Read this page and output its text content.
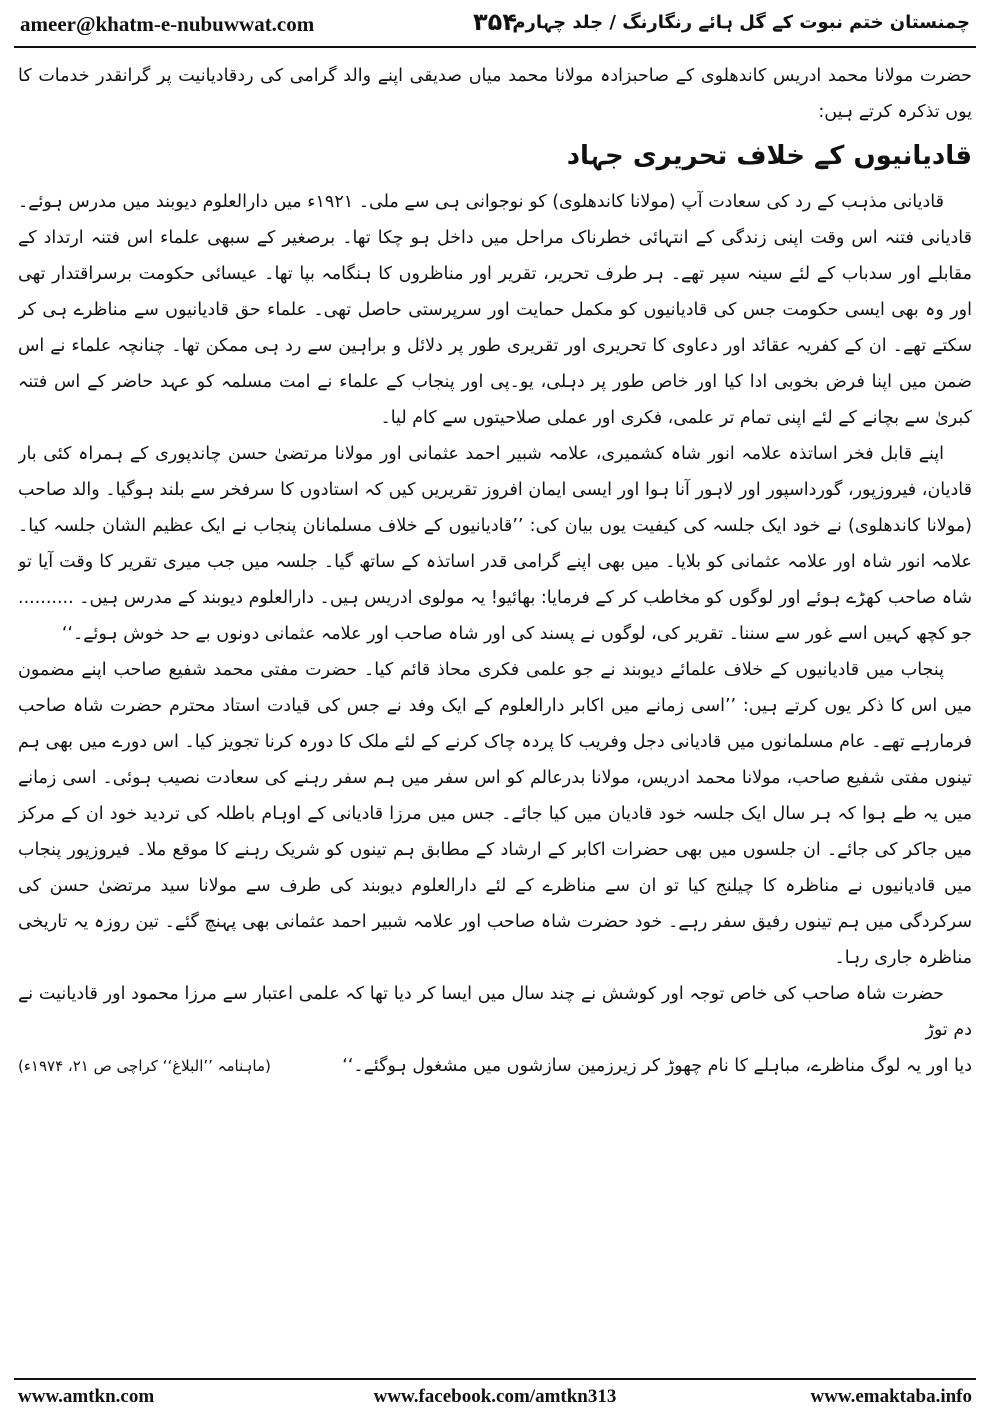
ameer@khatm-e-nubuwwat.com	۳۵۴
چمنستان ختم نبوت کے گل ہائے رنگارنگ / جلد چہارم

حضرت مولانا محمد ادریس کاندھلوی کے صاحبزادہ مولانا محمد میاں صدیقی اپنے والد گرامی کی ردقادیانیت پر گرانقدر خدمات کا یوں تذکرہ کرتے ہیں:

قادیانیوں کے خلاف تحریری جہاد

قادیانی مذہب کے رد کی سعادت آپ (مولانا کاندھلوی) کو نوجوانی ہی سے ملی۔ ۱۹۲۱ء میں دارالعلوم دیوبند میں مدرس ہوئے۔ قادیانی فتنہ اس وقت اپنی زندگی کے انتہائی خطرناک مراحل میں داخل ہو چکا تھا۔ برصغیر کے سبھی علماء اس فتنہ ارتداد کے مقابلے اور سدباب کے لئے سینہ سپر تھے۔ ہر طرف تحریر، تقریر اور مناظروں کا ہنگامہ بپا تھا۔ عیسائی حکومت برسراقتدار تھی اور وہ بھی ایسی حکومت جس کی قادیانیوں کو مکمل حمایت اور سرپرستی حاصل تھی۔ علماء حق قادیانیوں سے مناظرے ہی کر سکتے تھے۔ ان کے کفریہ عقائد اور دعاوی کا تحریری اور تقریری طور پر دلائل و براہین سے رد ہی ممکن تھا۔ چنانچہ علماء نے اس ضمن میں اپنا فرض بخوبی ادا کیا اور خاص طور پر دہلی، یو۔پی اور پنجاب کے علماء نے امت مسلمہ کو عہد حاضر کے اس فتنہ کبریٰ سے بچانے کے لئے اپنی تمام تر علمی، فکری اور عملی صلاحیتوں سے کام لیا۔

اپنے قابل فخر اساتذہ علامہ انور شاہ کشمیری، علامہ شبیر احمد عثمانی اور مولانا مرتضیٰ حسن چاندپوری کے ہمراہ کئی بار قادیان، فیروزپور، گورداسپور اور لاہور آنا ہوا اور ایسی ایمان افروز تقریریں کیں کہ استادوں کا سرفخر سے بلند ہوگیا۔ والد صاحب (مولانا کاندھلوی) نے خود ایک جلسہ کی کیفیت یوں بیان کی: ’’قادیانیوں کے خلاف مسلمانان پنجاب نے ایک عظیم الشان جلسہ کیا۔ علامہ انور شاہ اور علامہ عثمانی کو بلایا۔ میں بھی اپنے گرامی قدر اساتذہ کے ساتھ گیا۔ جلسہ میں جب میری تقریر کا وقت آیا تو شاہ صاحب کھڑے ہوئے اور لوگوں کو مخاطب کر کے فرمایا: بھائیو! یہ مولوی ادریس ہیں۔ دارالعلوم دیوبند کے مدرس ہیں۔ .......... جو کچھ کہیں اسے غور سے سننا۔ تقریر کی، لوگوں نے پسند کی اور شاہ صاحب اور علامہ عثمانی دونوں بے حد خوش ہوئے۔‘‘

پنجاب میں قادیانیوں کے خلاف علمائے دیوبند نے جو علمی فکری محاذ قائم کیا۔ حضرت مفتی محمد شفیع صاحب اپنے مضمون میں اس کا ذکر یوں کرتے ہیں: ’’اسی زمانے میں اکابر دارالعلوم کے ایک وفد نے جس کی قیادت استاد محترم حضرت شاہ صاحب فرمارہے تھے۔ عام مسلمانوں میں قادیانی دجل وفریب کا پردہ چاک کرنے کے لئے ملک کا دورہ کرنا تجویز کیا۔ اس دورے میں بھی ہم تینوں مفتی شفیع صاحب، مولانا محمد ادریس، مولانا بدرعالم کو اس سفر میں ہم سفر رہنے کی سعادت نصیب ہوئی۔ اسی زمانے میں یہ طے ہوا کہ ہر سال ایک جلسہ خود قادیان میں کیا جائے۔ جس میں مرزا قادیانی کے اوہام باطلہ کی تردید خود ان کے مرکز میں جاکر کی جائے۔ ان جلسوں میں بھی حضرات اکابر کے ارشاد کے مطابق ہم تینوں کو شریک رہنے کا موقع ملا۔ فیروزپور پنجاب میں قادیانیوں نے مناظرہ کا چیلنج کیا تو ان سے مناظرے کے لئے دارالعلوم دیوبند کی طرف سے مولانا سید مرتضیٰ حسن کی سرکردگی میں ہم تینوں رفیق سفر رہے۔ خود حضرت شاہ صاحب اور علامہ شبیر احمد عثمانی بھی پہنچ گئے۔ تین روزہ یہ تاریخی مناظرہ جاری رہا۔

حضرت شاہ صاحب کی خاص توجہ اور کوشش نے چند سال میں ایسا کر دیا تھا کہ علمی اعتبار سے مرزا محمود اور قادیانیت نے دم توڑ

دیا اور یہ لوگ مناظرے، مباہلے کا نام چھوڑ کر زیرزمین سازشوں میں مشغول ہوگئے۔‘‘
(ماہنامہ ’’البلاغ‘‘ کراچی ص ۲۱، ۱۹۷۴ء)
www.amtkn.com	www.facebook.com/amtkn313	www.emaktaba.info
